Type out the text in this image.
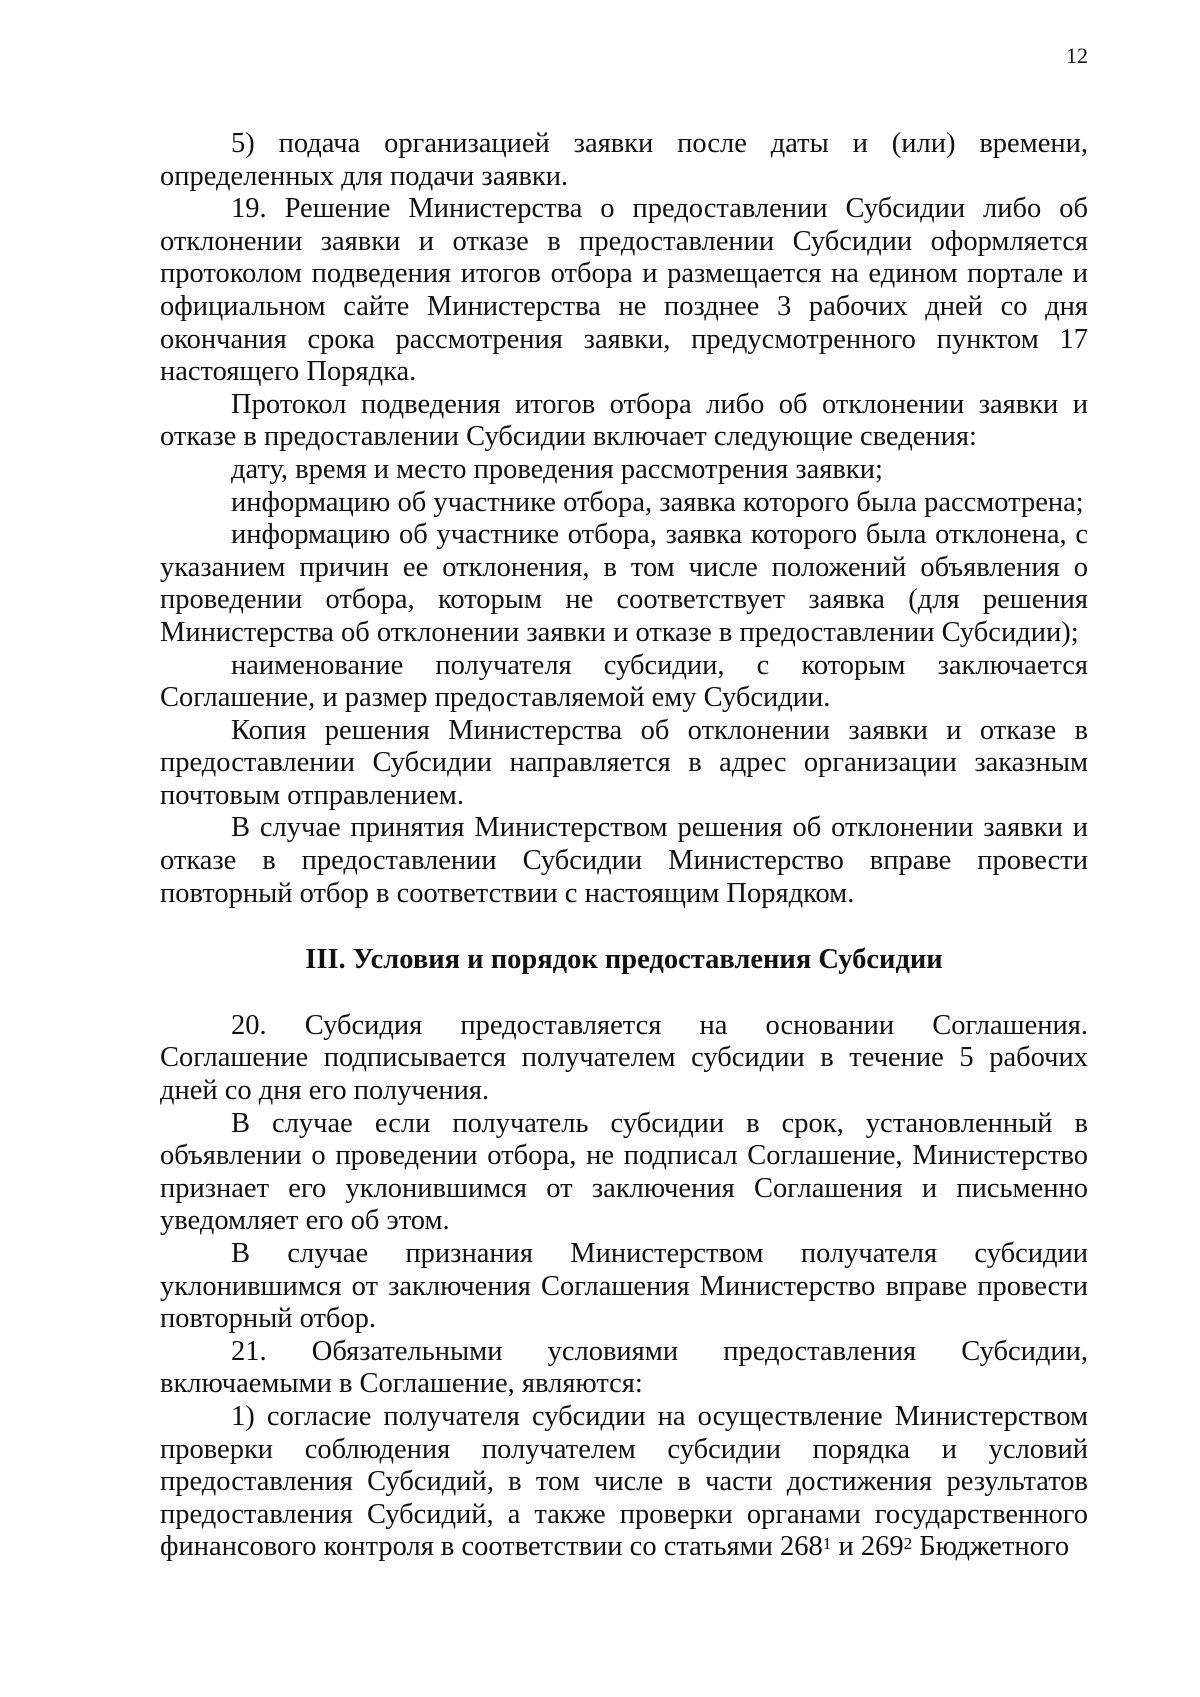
12

5) подача организацией заявки после даты и (или) времени, определенных для подачи заявки.

19. Решение Министерства о предоставлении Субсидии либо об отклонении заявки и отказе в предоставлении Субсидии оформляется протоколом подведения итогов отбора и размещается на едином портале и официальном сайте Министерства не позднее 3 рабочих дней со дня окончания срока рассмотрения заявки, предусмотренного пунктом 17 настоящего Порядка.

Протокол подведения итогов отбора либо об отклонении заявки и отказе в предоставлении Субсидии включает следующие сведения:

дату, время и место проведения рассмотрения заявки;

информацию об участнике отбора, заявка которого была рассмотрена;

информацию об участнике отбора, заявка которого была отклонена, с указанием причин ее отклонения, в том числе положений объявления о проведении отбора, которым не соответствует заявка (для решения Министерства об отклонении заявки и отказе в предоставлении Субсидии);

наименование получателя субсидии, с которым заключается Соглашение, и размер предоставляемой ему Субсидии.

Копия решения Министерства об отклонении заявки и отказе в предоставлении Субсидии направляется в адрес организации заказным почтовым отправлением.

В случае принятия Министерством решения об отклонении заявки и отказе в предоставлении Субсидии Министерство вправе провести повторный отбор в соответствии с настоящим Порядком.

III. Условия и порядок предоставления Субсидии

20. Субсидия предоставляется на основании Соглашения. Соглашение подписывается получателем субсидии в течение 5 рабочих дней со дня его получения.

В случае если получатель субсидии в срок, установленный в объявлении о проведении отбора, не подписал Соглашение, Министерство признает его уклонившимся от заключения Соглашения и письменно уведомляет его об этом.

В случае признания Министерством получателя субсидии уклонившимся от заключения Соглашения Министерство вправе провести повторный отбор.

21. Обязательными условиями предоставления Субсидии, включаемыми в Соглашение, являются:

1) согласие получателя субсидии на осуществление Министерством проверки соблюдения получателем субсидии порядка и условий предоставления Субсидий, в том числе в части достижения результатов предоставления Субсидий, а также проверки органами государственного финансового контроля в соответствии со статьями $268^1$ и $269^2$ Бюджетного
